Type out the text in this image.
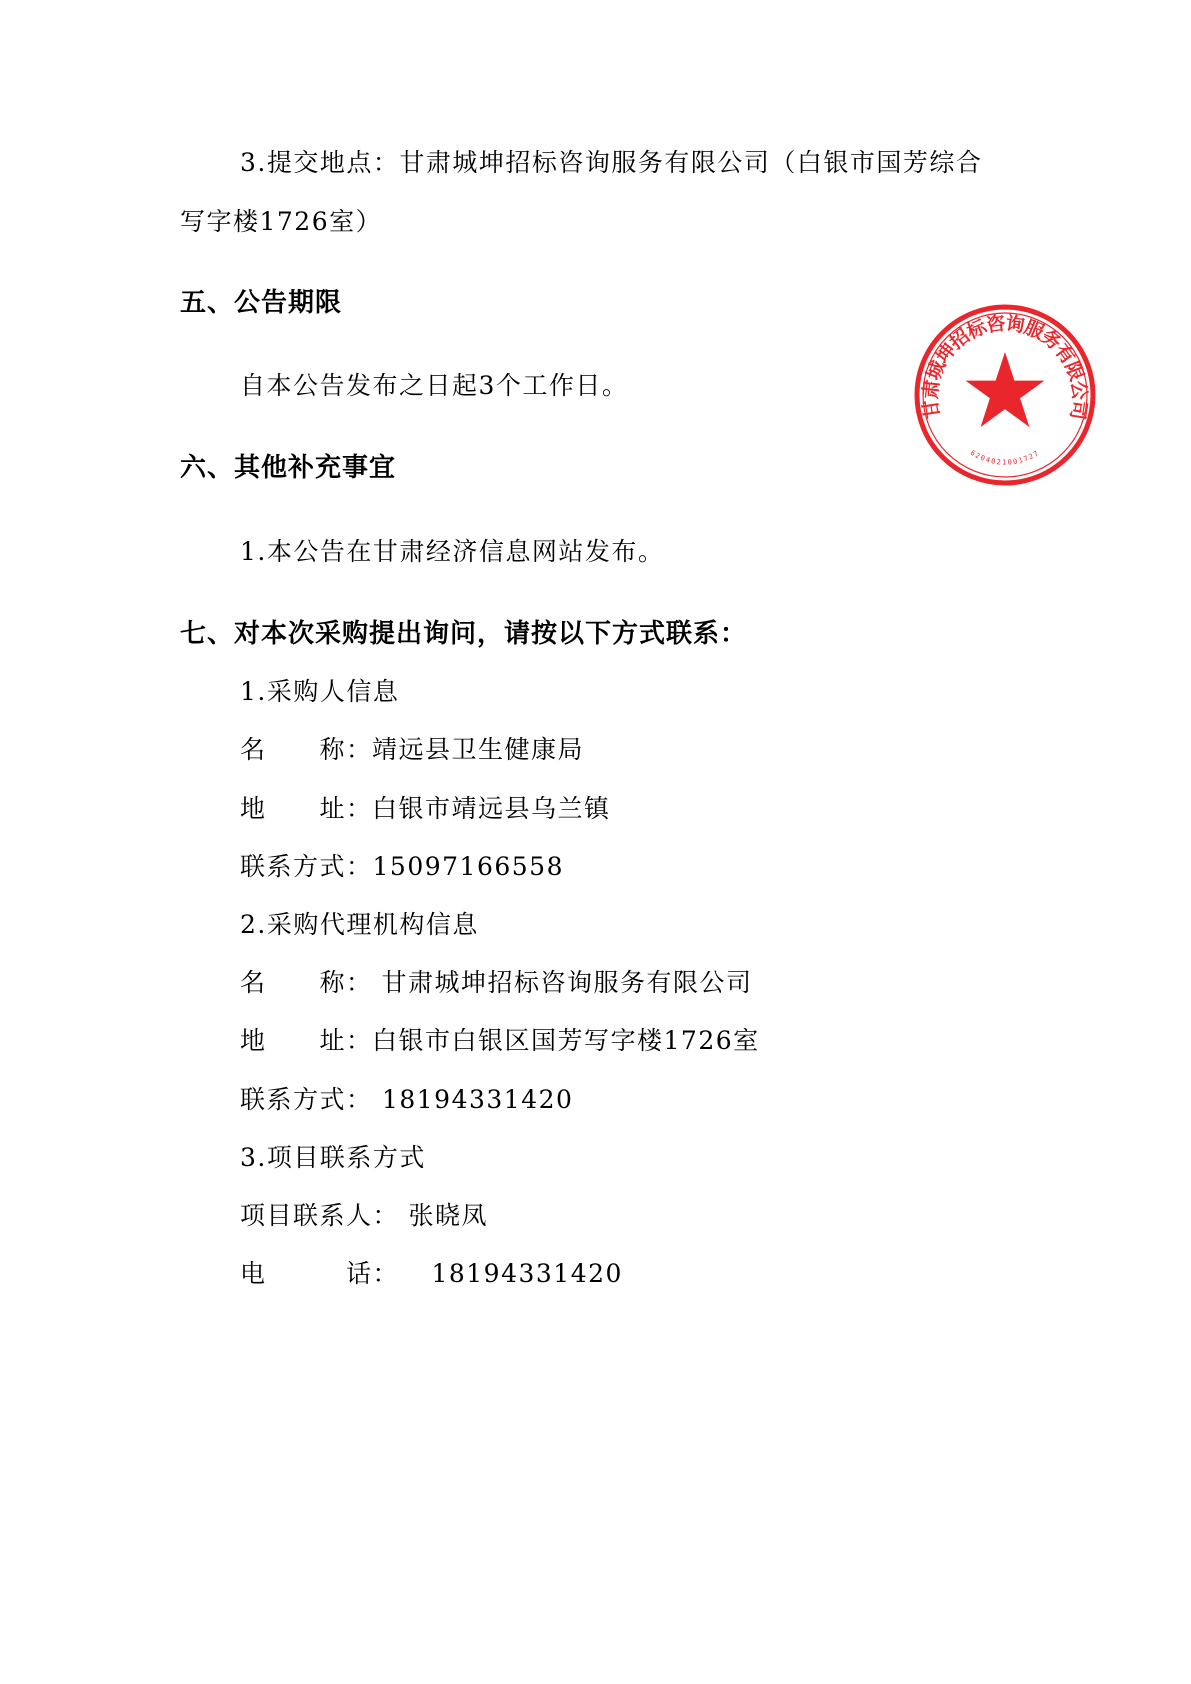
3.提交地点：甘肃城坤招标咨询服务有限公司（白银市国芳综合
写字楼1726室）
五、公告期限
自本公告发布之日起3个工作日。
六、其他补充事宜
1.本公告在甘肃经济信息网站发布。
七、对本次采购提出询问，请按以下方式联系：
1.采购人信息
名　　称：靖远县卫生健康局
地　　址：白银市靖远县乌兰镇
联系方式：15097166558
2.采购代理机构信息
名　　称： 甘肃城坤招标咨询服务有限公司
地　　址：白银市白银区国芳写字楼1726室
联系方式： 18194331420
3.项目联系方式
项目联系人： 张晓凤
电　　　话： 18194331420
甘肃城坤招标咨询服务有限公司
6204021001727
